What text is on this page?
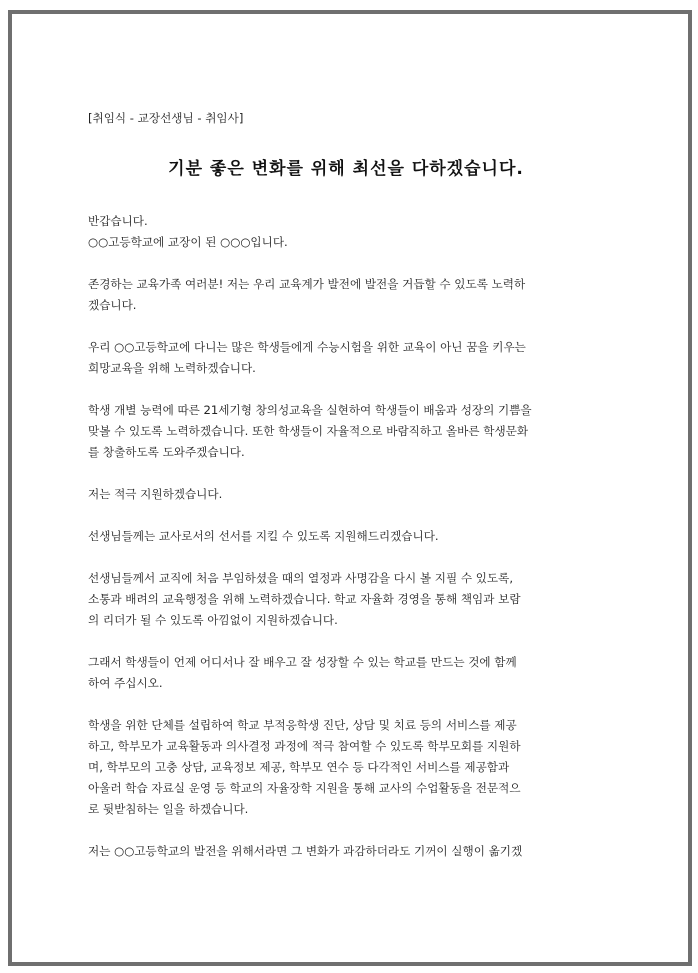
[취임식 - 교장선생님 - 취임사]

기분 좋은 변화를 위해 최선을 다하겠습니다.

반갑습니다.
○○고등학교에 교장이 된 ○○○입니다.

존경하는 교육가족 여러분! 저는 우리 교육계가 발전에 발전을 거듭할 수 있도록 노력하
겠습니다.

우리 ○○고등학교에 다니는 많은 학생들에게 수능시험을 위한 교육이 아닌 꿈을 키우는
희망교육을 위해 노력하겠습니다.

학생 개별 능력에 따른 21세기형 창의성교육을 실현하여 학생들이 배움과 성장의 기쁨을
맞볼 수 있도록 노력하겠습니다. 또한 학생들이 자율적으로 바람직하고 올바른 학생문화
를 창출하도록 도와주겠습니다.

저는 적극 지원하겠습니다.

선생님들께는 교사로서의 선서를 지킬 수 있도록 지원해드리겠습니다.

선생님들께서 교직에 처음 부임하셨을 때의 열정과 사명감을 다시 볼 지필 수 있도록,
소통과 배려의 교육행정을 위해 노력하겠습니다. 학교 자율화 경영을 통해 책임과 보람
의 리더가 될 수 있도록 아낌없이 지원하겠습니다.

그래서 학생들이 언제 어디서나 잘 배우고 잘 성장할 수 있는 학교를 만드는 것에 함께
하여 주십시오.

학생을 위한 단체를 설립하여 학교 부적응학생 진단, 상담 및 치료 등의 서비스를 제공
하고, 학부모가 교육활동과 의사결정 과정에 적극 참여할 수 있도록 학부모회를 지원하
며, 학부모의 고충 상담, 교육정보 제공, 학부모 연수 등 다각적인 서비스를 제공함과
아울러 학습 자료실 운영 등 학교의 자율장학 지원을 통해 교사의 수업활동을 전문적으
로 뒷받침하는 일을 하겠습니다.

저는 ○○고등학교의 발전을 위해서라면 그 변화가 과감하더라도 기꺼이 실행이 옮기겠
